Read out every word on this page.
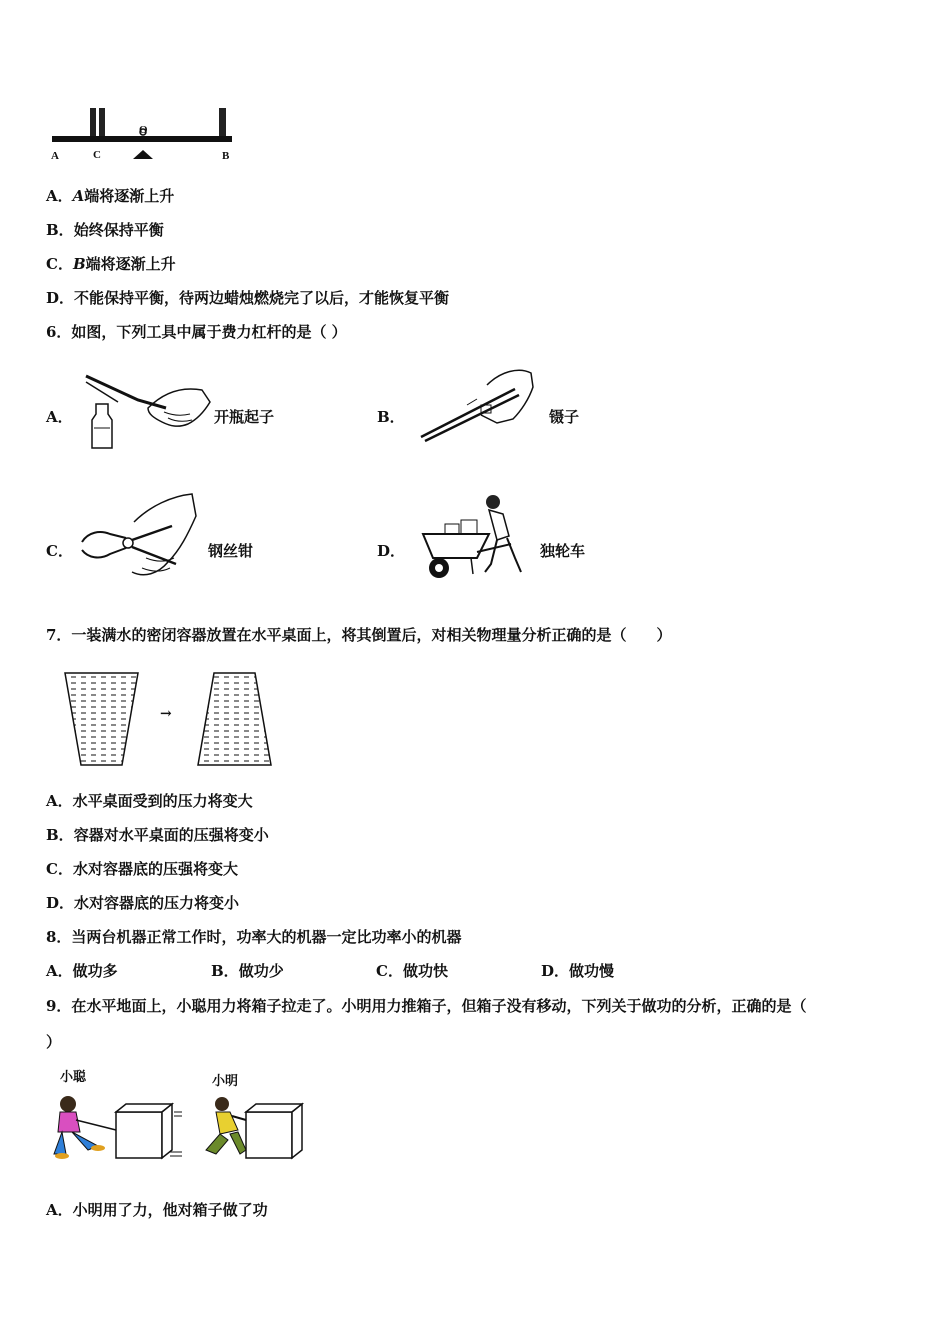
A	C
O
B
A．A端将逐渐上升
B．始终保持平衡
C．B端将逐渐上升
D．不能保持平衡，待两边蜡烛燃烧完了以后，才能恢复平衡
6．如图，下列工具中属于费力杠杆的是（ ）
A．	开瓶起子	B．	镊子
C．	钢丝钳	D．	独轮车
7．一装满水的密闭容器放置在水平桌面上，将其倒置后，对相关物理量分析正确的是（　　）
→
A．水平桌面受到的压力将变大
B．容器对水平桌面的压强将变小
C．水对容器底的压强将变大
D．水对容器底的压力将变小
8．当两台机器正常工作时，功率大的机器一定比功率小的机器
A．做功多	B．做功少	C．做功快	D．做功慢
9．在水平地面上，小聪用力将箱子拉走了。小明用力推箱子，但箱子没有移动，下列关于做功的分析，正确的是（
）
小聪	小明
A．小明用了力，他对箱子做了功
